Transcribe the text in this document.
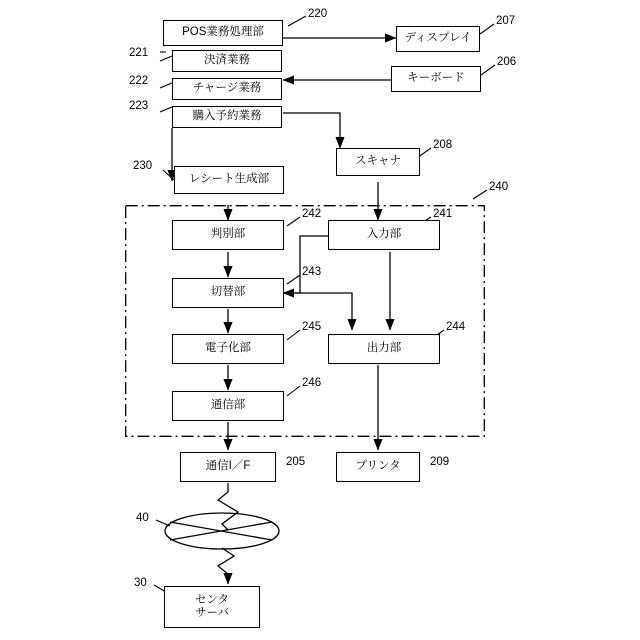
POS業務処理部
決済業務
チャージ業務
購入予約業務
ディスプレイ
キーボード
スキャナ
レシート生成部
判別部	入力部
切替部
電子化部	出力部
通信部
通信I／F	プリンタ
センタ
サーバ
220
221
222
223
207
206
208
230
240
242	241
243
245	244
246
205	209
40
30
